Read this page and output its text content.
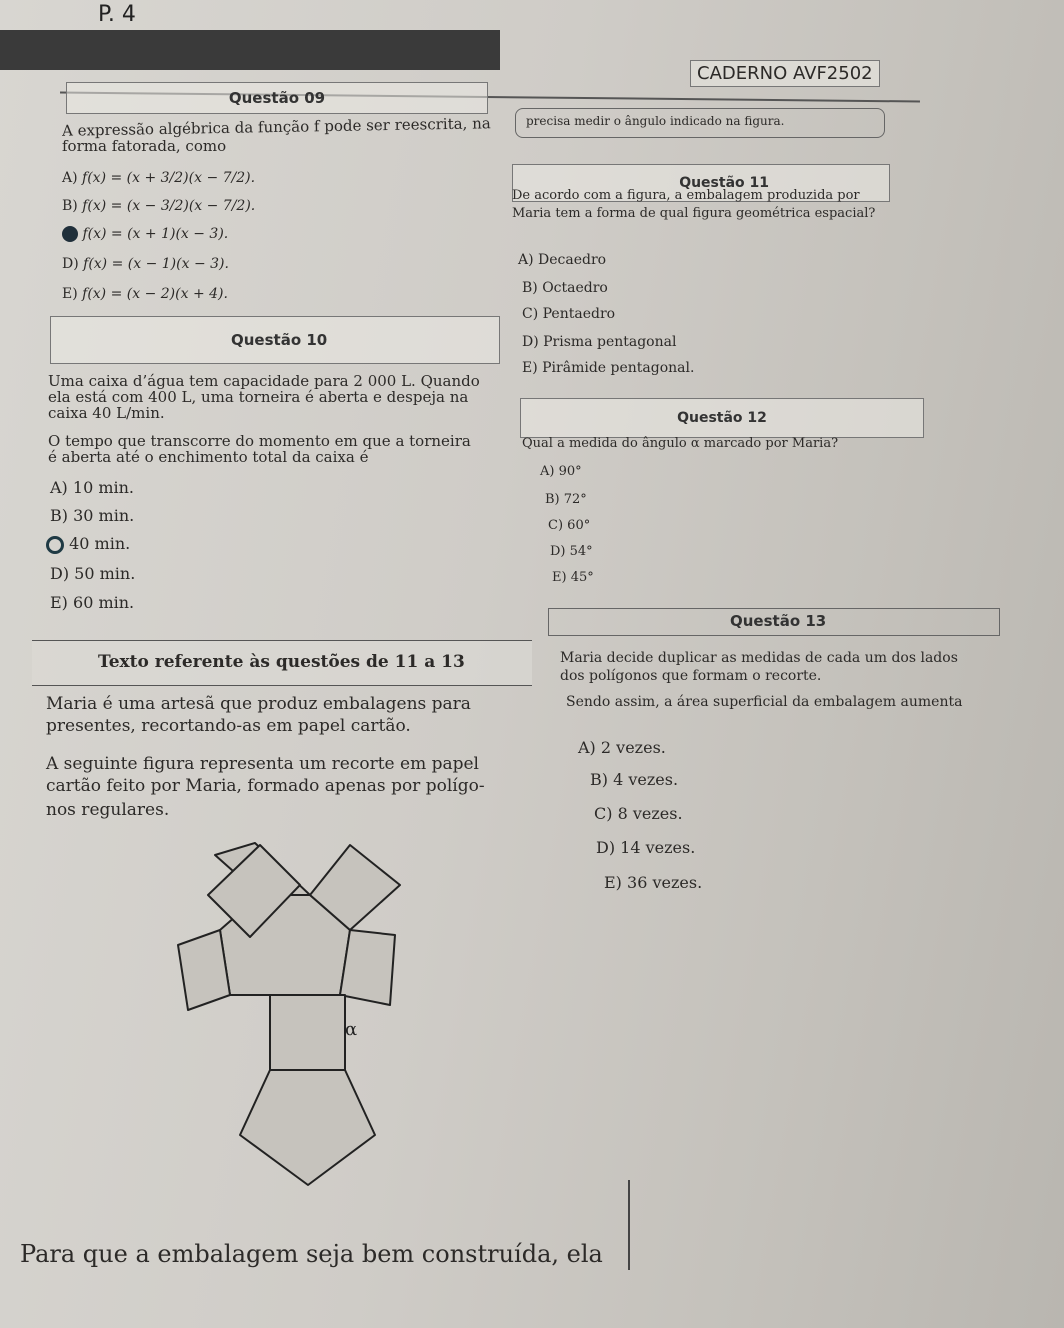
P. 4
CADERNO AVF2502
Questão 09
A expressão algébrica da função f pode ser reescrita, na
forma fatorada, como
A) f(x) = (x + 3/2)(x − 7/2).
B) f(x) = (x − 3/2)(x − 7/2).
f(x) = (x + 1)(x − 3).
D) f(x) = (x − 1)(x − 3).
E) f(x) = (x − 2)(x + 4).
precisa medir o ângulo indicado na figura.
Questão 11
De acordo com a figura, a embalagem produzida por
Maria tem a forma de qual figura geométrica espacial?
A) Decaedro
B) Octaedro
C) Pentaedro
D) Prisma pentagonal
E) Pirâmide pentagonal.
Questão 10
Uma caixa d’água tem capacidade para 2 000 L. Quando
ela está com 400 L, uma torneira é aberta e despeja na
caixa 40 L/min.
O tempo que transcorre do momento em que a torneira
é aberta até o enchimento total da caixa é
A) 10 min.
B) 30 min.
40 min.
D) 50 min.
E) 60 min.
Questão 12
Qual a medida do ângulo α marcado por Maria?
A) 90°
B) 72°
C) 60°
D) 54°
E) 45°
Questão 13
Maria decide duplicar as medidas de cada um dos lados
dos polígonos que formam o recorte.
Sendo assim, a área superficial da embalagem aumenta
A) 2 vezes.
B) 4 vezes.
C) 8 vezes.
D) 14 vezes.
E) 36 vezes.
Texto referente às questões de 11 a 13
Maria é uma artesã que produz embalagens para
presentes, recortando-as em papel cartão.
A seguinte figura representa um recorte em papel
cartão feito por Maria, formado apenas por polígo-
nos regulares.
α
Para que a embalagem seja bem construída, ela
